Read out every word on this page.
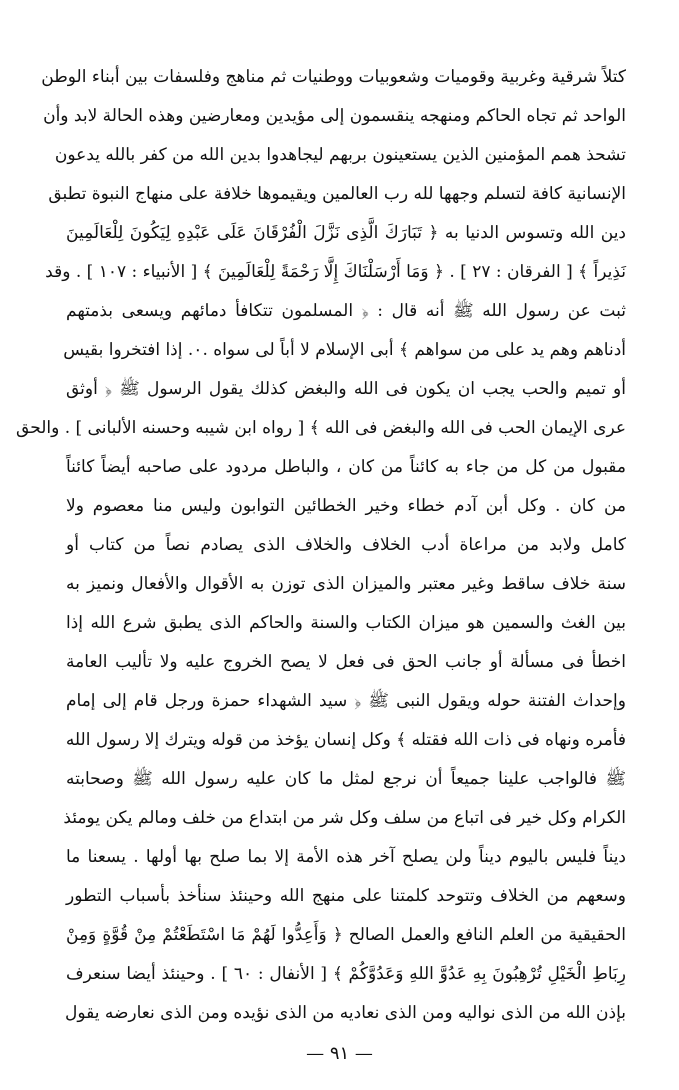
كتلاً شرقية وغربية وقوميات وشعوبيات ووطنيات ثم مناهج وفلسفات بين أبناء الوطن
الواحد ثم تجاه الحاكم ومنهجه ينقسمون إلى مؤيدين ومعارضين وهذه الحالة لابد وأن
تشحذ همم المؤمنين الذين يستعينون بربهم ليجاهدوا بدين الله من كفر بالله يدعون
الإنسانية كافة لتسلم وجهها لله رب العالمين ويقيموها خلافة على منهاج النبوة تطبق
دين الله وتسوس الدنيا به ﴿ تَبَارَكَ الَّذِى نَزَّلَ الْفُرْقَانَ عَلَى عَبْدِهِ لِيَكُونَ لِلْعَالَمِينَ
نَذِيراً ﴾ [ الفرقان : ٢٧ ] . ﴿ وَمَا أَرْسَلْنَاكَ إِلَّا رَحْمَةً لِلْعَالَمِينَ ﴾ [ الأنبياء : ١٠٧ ] . وقد
ثبت عن رسول الله ﷺ أنه قال : ﴿ المسلمون تتكافأ دمائهم ويسعى بذمتهم
أدناهم وهم يد على من سواهم ﴾ أبى الإسلام لا أباً لى سواه .٠. إذا افتخروا بقيس
أو تميم والحب يجب ان يكون فى الله والبغض كذلك يقول الرسول ﷺ ﴿ أوثق
عرى الإيمان الحب فى الله والبغض فى الله ﴾ [ رواه ابن شيبه وحسنه الألبانى ] . والحق
مقبول من كل من جاء به كائناً من كان ، والباطل مردود على صاحبه أيضاً كائناً
من كان . وكل أبن آدم خطاء وخير الخطائين التوابون وليس منا معصوم ولا
كامل ولابد من مراعاة أدب الخلاف والخلاف الذى يصادم نصاً من كتاب أو
سنة خلاف ساقط وغير معتبر والميزان الذى توزن به الأقوال والأفعال ونميز به
بين الغث والسمين هو ميزان الكتاب والسنة والحاكم الذى يطبق شرع الله إذا
اخطأ فى مسألة أو جانب الحق فى فعل لا يصح الخروج عليه ولا تأليب العامة
وإحداث الفتنة حوله ويقول النبى ﷺ ﴿ سيد الشهداء حمزة ورجل قام إلى إمام
فأمره ونهاه فى ذات الله فقتله ﴾ وكل إنسان يؤخذ من قوله ويترك إلا رسول الله
ﷺ فالواجب علينا جميعاً أن نرجع لمثل ما كان عليه رسول الله ﷺ وصحابته
الكرام وكل خير فى اتباع من سلف وكل شر من ابتداع من خلف ومالم يكن يومئذ
ديناً فليس باليوم ديناً ولن يصلح آخر هذه الأمة إلا بما صلح بها أولها . يسعنا ما
وسعهم من الخلاف وتتوحد كلمتنا على منهج الله وحينئذ سنأخذ بأسباب التطور
الحقيقية من العلم النافع والعمل الصالح ﴿ وَأَعِدُّوا لَهُمْ مَا اسْتَطَعْتُمْ مِنْ قُوَّةٍ وَمِنْ
رِبَاطِ الْخَيْلِ تُرْهِبُونَ بِهِ عَدُوَّ اللهِ وَعَدُوَّكُمْ ﴾ [ الأنفال : ٦٠ ] . وحينئذ أيضا سنعرف
بإذن الله من الذى نواليه ومن الذى نعاديه من الذى نؤيده ومن الذى نعارضه يقول
— ٩١ —
